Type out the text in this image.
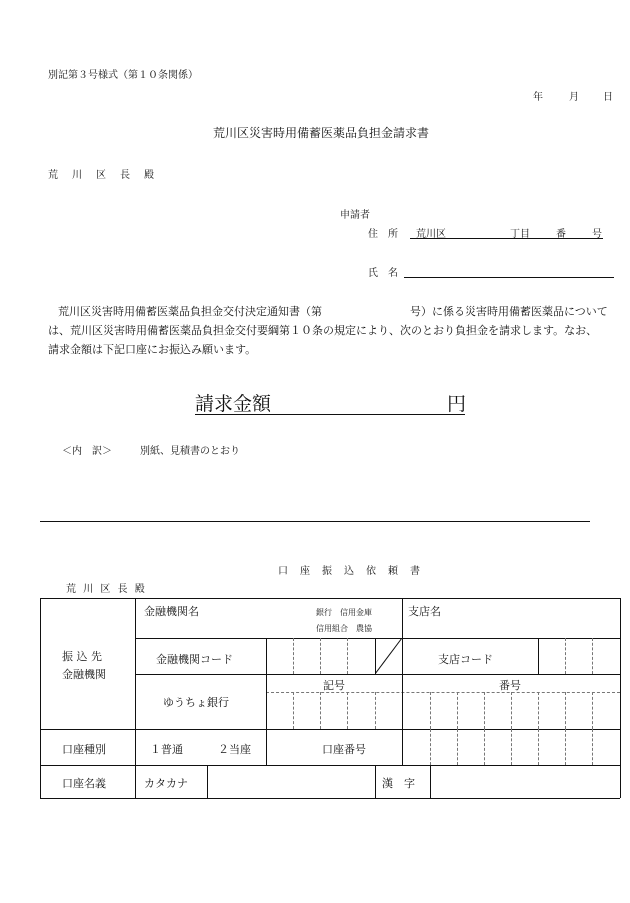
別記第３号様式（第１０条関係）
年	月 日
荒川区災害時用備蓄医薬品負担金請求書
荒　川　区　長　殿
申請者
住　所 荒川区	丁目	番	号
氏　名
荒川区災害時用備蓄医薬品負担金交付決定通知書（第	号）に係る災害時用備蓄医薬品について
は、荒川区災害時用備蓄医薬品負担金交付要綱第１０条の規定により、次のとおり負担金を請求します。なお、
請求金額は下記口座にお振込み願います。
請求金額	円
＜内　訳＞	別紙、見積書のとおり
口　座　振　込　依　頼　書
荒 川 区 長 殿
振 込 先
金融機関
金融機関名	銀行　信用金庫
信用組合　農協
支店名
金融機関コード	支店コード
ゆうちょ銀行
記号	番号
口座種別	１普通	２当座	口座番号
口座名義	カタカナ	漢　字
